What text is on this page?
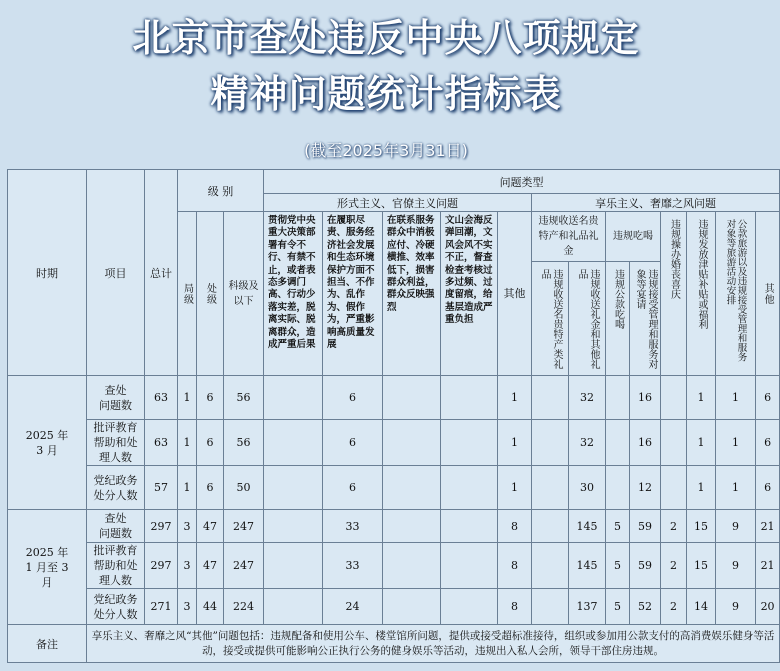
北京市查处违反中央八项规定
精神问题统计指标表
(截至2025年3月31日)
时期	项目	总计	级 别			问题类型												
						形式主义、官僚主义问题					享乐主义、奢靡之风问题							

			局级	处级	科级及以下	贯彻党中央重大决策部署有令不行、有禁不止，或者表态多调门高、行动少落实差，脱离实际、脱离群众，造成严重后果	在履职尽责、服务经济社会发展和生态环境保护方面不担当、不作为、乱作为、假作为，严重影响高质量发展	在联系服务群众中消极应付、冷硬横推、效率低下，损害群众利益，群众反映强烈	文山会海反弹回潮，文风会风不实不正，督查检查考核过多过频、过度留痕，给基层造成严重负担	其他	违规收送名贵特产和礼品礼金		违规吃喝		违规操办婚丧喜庆	违规发放津贴补贴或福利	公款旅游以及违规接受管理和服务对象等旅游活动安排	其他

											违规收送名贵特产类礼品	违规收送礼金和其他礼品	违规公款吃喝	违规接受管理和服务对象等宴请				

2025 年
3 月	查处
问题数	63	1	6	56		6			1		32		16		1	1	6
	批评教育
帮助和处
理人数	63	1	6	56		6			1		32		16		1	1	6
	党纪政务
处分人数	57	1	6	50		6			1		30		12		1	1	6
2025 年
1 月至 3
月	查处
问题数	297	3	47	247		33			8		145	5	59	2	15	9	21
	批评教育
帮助和处
理人数	297	3	47	247		33			8		145	5	59	2	15	9	21
	党纪政务
处分人数	271	3	44	224		24			8		137	5	52	2	14	9	20
备注	享乐主义、奢靡之风“其他”问题包括：违规配备和使用公车、楼堂馆所问题，提供或接受超标准接待，组织或参加用公款支付的高消费娱乐健身等活动，接受或提供可能影响公正执行公务的健身娱乐等活动，违规出入私人会所，领导干部住房违规。																	
